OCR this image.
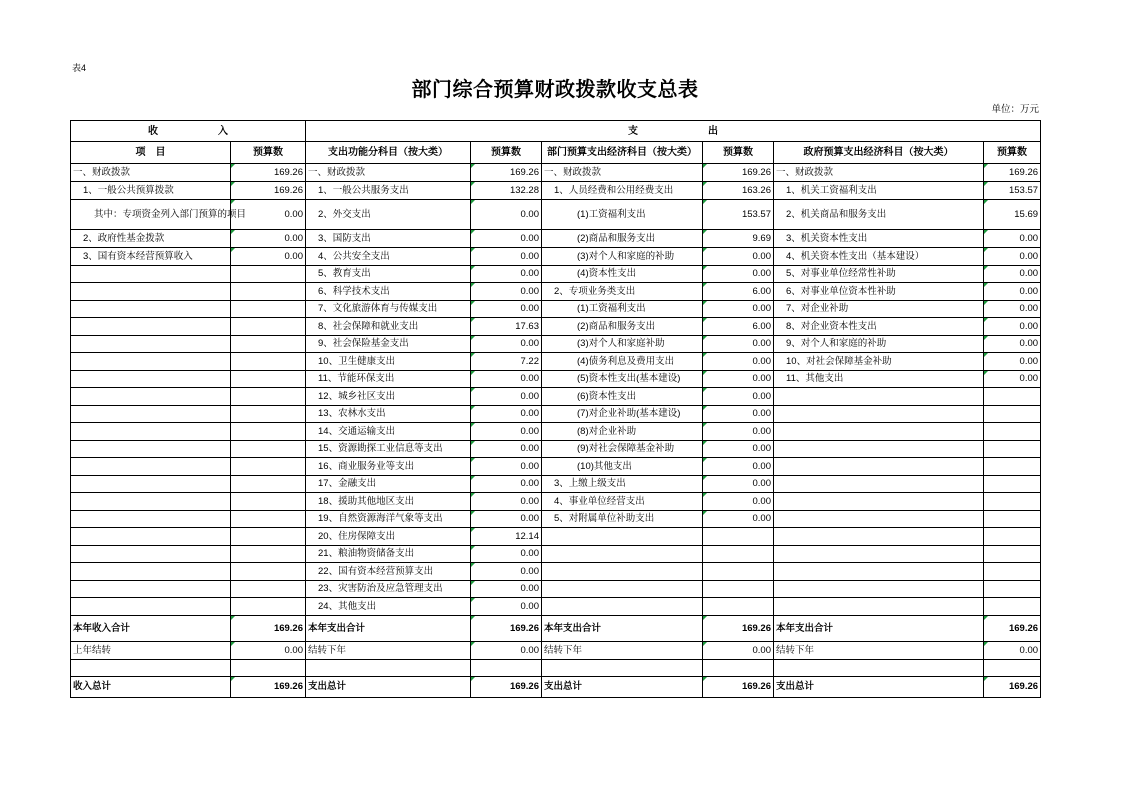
表4
部门综合预算财政拨款收支总表
单位：万元
收　　　　　　入		支　　　　　　　出					
项　目	预算数	支出功能分科目（按大类）	预算数	部门预算支出经济科目（按大类）	预算数	政府预算支出经济科目（按大类）	预算数
一、财政拨款	169.26	一、财政拨款	169.26	一、财政拨款	169.26	一、财政拨款	169.26
1、一般公共预算拨款	169.26	1、一般公共服务支出	132.28	1、人员经费和公用经费支出	163.26	1、机关工资福利支出	153.57
其中：专项资金列入部门预算的项目	0.00	2、外交支出	0.00	(1)工资福利支出	153.57	2、机关商品和服务支出	15.69
2、政府性基金拨款	0.00	3、国防支出	0.00	(2)商品和服务支出	9.69	3、机关资本性支出	0.00
3、国有资本经营预算收入	0.00	4、公共安全支出	0.00	(3)对个人和家庭的补助	0.00	4、机关资本性支出（基本建设）	0.00
		5、教育支出	0.00	(4)资本性支出	0.00	5、对事业单位经常性补助	0.00
		6、科学技术支出	0.00	2、专项业务类支出	6.00	6、对事业单位资本性补助	0.00
		7、文化旅游体育与传媒支出	0.00	(1)工资福利支出	0.00	7、对企业补助	0.00
		8、社会保障和就业支出	17.63	(2)商品和服务支出	6.00	8、对企业资本性支出	0.00
		9、社会保险基金支出	0.00	(3)对个人和家庭补助	0.00	9、对个人和家庭的补助	0.00
		10、卫生健康支出	7.22	(4)债务利息及费用支出	0.00	10、对社会保障基金补助	0.00
		11、节能环保支出	0.00	(5)资本性支出(基本建设)	0.00	11、其他支出	0.00
		12、城乡社区支出	0.00	(6)资本性支出	0.00		
		13、农林水支出	0.00	(7)对企业补助(基本建设)	0.00		
		14、交通运输支出	0.00	(8)对企业补助	0.00		
		15、资源勘探工业信息等支出	0.00	(9)对社会保障基金补助	0.00		
		16、商业服务业等支出	0.00	(10)其他支出	0.00		
		17、金融支出	0.00	3、上缴上级支出	0.00		
		18、援助其他地区支出	0.00	4、事业单位经营支出	0.00		
		19、自然资源海洋气象等支出	0.00	5、对附属单位补助支出	0.00		
		20、住房保障支出	12.14				
		21、粮油物资储备支出	0.00				
		22、国有资本经营预算支出	0.00				
		23、灾害防治及应急管理支出	0.00				
		24、其他支出	0.00				
本年收入合计	169.26	本年支出合计	169.26	本年支出合计	169.26	本年支出合计	169.26
上年结转	0.00	结转下年	0.00	结转下年	0.00	结转下年	0.00

收入总计	169.26	支出总计	169.26	支出总计	169.26	支出总计	169.26
